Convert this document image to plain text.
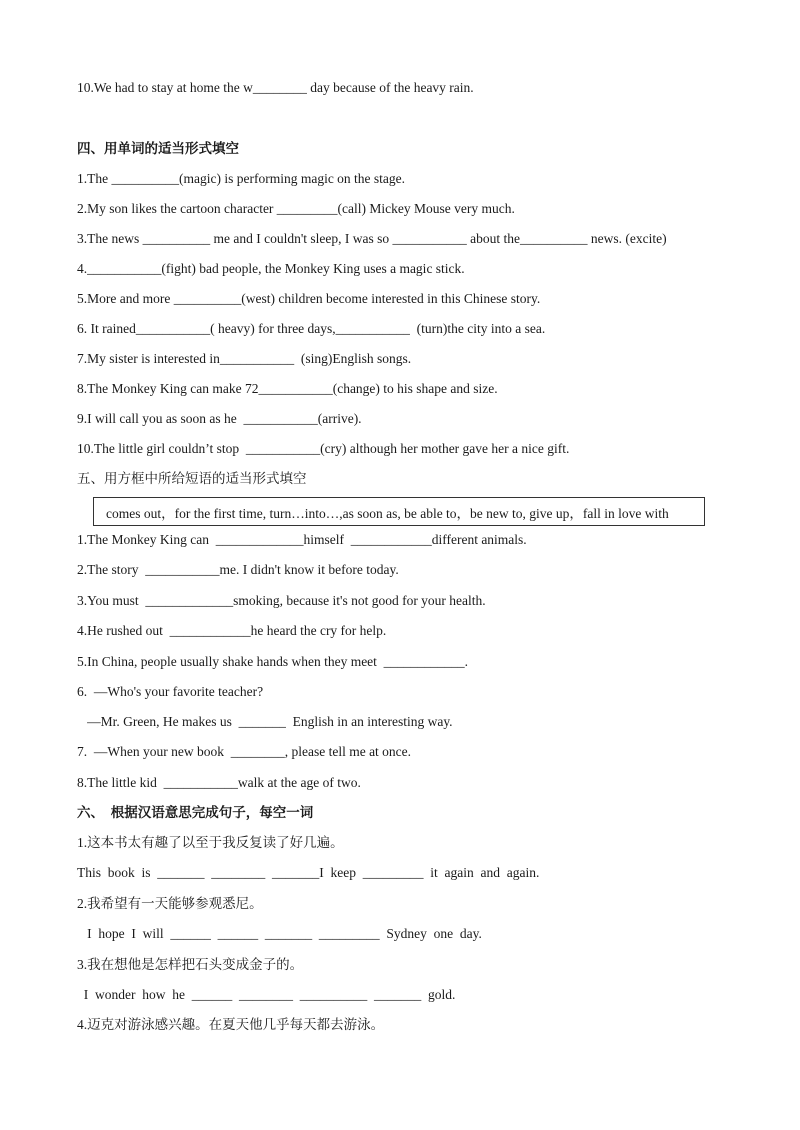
10.We had to stay at home the w________ day because of the heavy rain.
四、用单词的适当形式填空
1.The __________(magic) is performing magic on the stage.
2.My son likes the cartoon character _________(call) Mickey Mouse very much.
3.The news __________ me and I couldn't sleep, I was so ___________ about the__________ news. (excite)
4.___________(fight) bad people, the Monkey King uses a magic stick.
5.More and more __________(west) children become interested in this Chinese story.
6. It rained___________( heavy) for three days,___________  (turn)the city into a sea.
7.My sister is interested in___________  (sing)English songs.
8.The Monkey King can make 72___________(change) to his shape and size.
9.I will call you as soon as he  ___________(arrive).
10.The little girl couldn’t stop  ___________(cry) although her mother gave her a nice gift.
五、用方框中所给短语的适当形式填空
comes out，for the first time, turn…into…,as soon as, be able to，be new to, give up，fall in love with
1.The Monkey King can  _____________himself  ____________different animals.
2.The story  ___________me. I didn't know it before today.
3.You must  _____________smoking, because it's not good for your health.
4.He rushed out  ____________he heard the cry for help.
5.In China, people usually shake hands when they meet  ____________.
6.  —Who's your favorite teacher?
—Mr. Green, He makes us  _______  English in an interesting way.
7.  —When your new book  ________, please tell me at once.
8.The little kid  ___________walk at the age of two.
六、  根据汉语意思完成句子，每空一词
1.这本书太有趣了以至于我反复读了好几遍。
This  book  is  _______  ________  _______I  keep  _________  it  again  and  again.
2.我希望有一天能够参观悉尼。
I  hope  I  will  ______  ______  _______  _________  Sydney  one  day.
3.我在想他是怎样把石头变成金子的。
I  wonder  how  he  ______  ________  __________  _______  gold.
4.迈克对游泳感兴趣。在夏天他几乎每天都去游泳。
